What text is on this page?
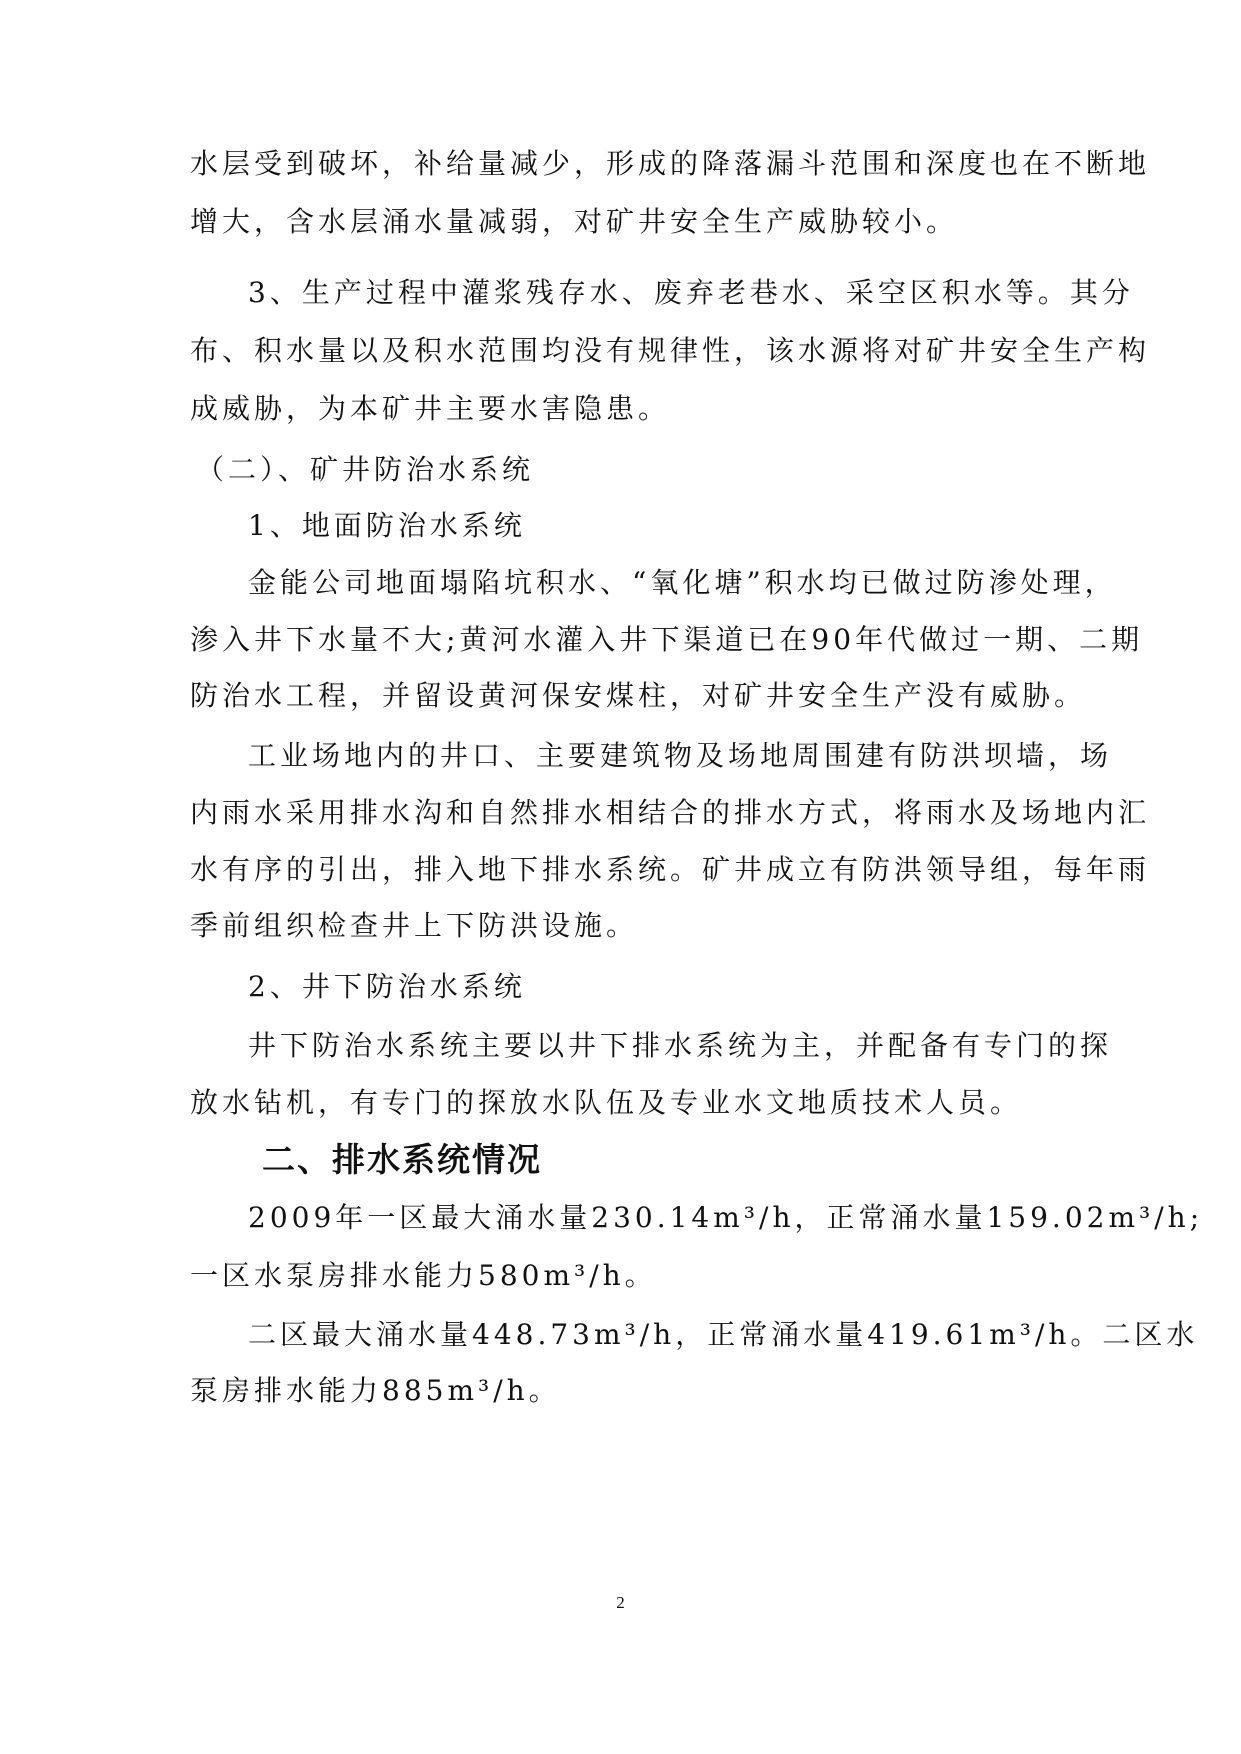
水层受到破坏，补给量减少，形成的降落漏斗范围和深度也在不断地

增大，含水层涌水量减弱，对矿井安全生产威胁较小。

3、生产过程中灌浆残存水、废弃老巷水、采空区积水等。其分

布、积水量以及积水范围均没有规律性，该水源将对矿井安全生产构

成威胁，为本矿井主要水害隐患。

（二）、矿井防治水系统

1、地面防治水系统

金能公司地面塌陷坑积水、“氧化塘”积水均已做过防渗处理，

渗入井下水量不大;黄河水灌入井下渠道已在90年代做过一期、二期

防治水工程，并留设黄河保安煤柱，对矿井安全生产没有威胁。

工业场地内的井口、主要建筑物及场地周围建有防洪坝墙，场

内雨水采用排水沟和自然排水相结合的排水方式，将雨水及场地内汇

水有序的引出，排入地下排水系统。矿井成立有防洪领导组，每年雨

季前组织检查井上下防洪设施。

2、井下防治水系统

井下防治水系统主要以井下排水系统为主，并配备有专门的探

放水钻机，有专门的探放水队伍及专业水文地质技术人员。

二、排水系统情况

2009年一区最大涌水量230.14m³/h，正常涌水量159.02m³/h;

一区水泵房排水能力580m³/h。

二区最大涌水量448.73m³/h，正常涌水量419.61m³/h。二区水

泵房排水能力885m³/h。

2
